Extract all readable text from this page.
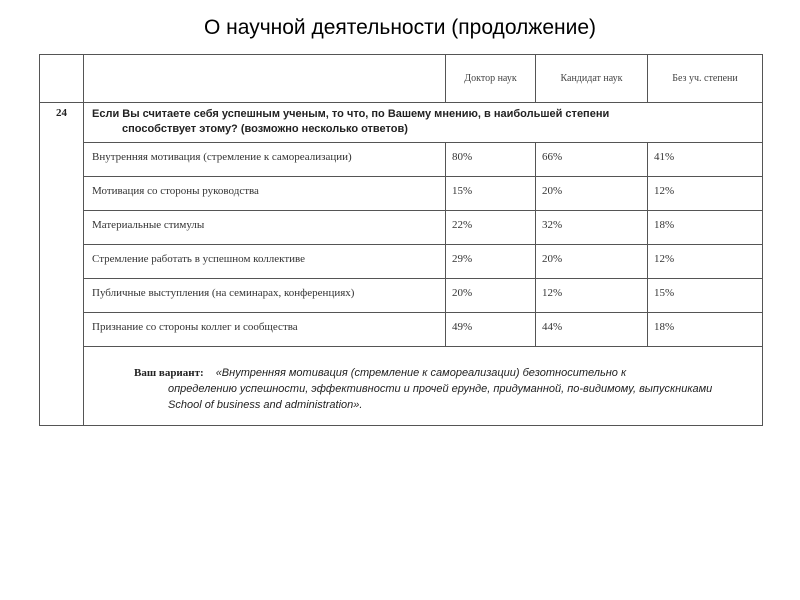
О научной деятельности (продолжение)
		Доктор наук	Кандидат наук	Без уч. степени
24	Если Вы считаете себя успешным ученым, то что, по Вашему мнению, в наибольшей степени
способствует этому? (возможно несколько ответов)			

	Внутренняя мотивация (стремление к самореализации)	80%	66%	41%
	Мотивация со стороны руководства	15%	20%	12%
	Материальные стимулы	22%	32%	18%
	Стремление работать в успешном коллективе	29%	20%	12%
	Публичные выступления (на семинарах, конференциях)	20%	12%	15%
	Признание со стороны коллег и сообщества	49%	44%	18%

	Ваш вариант: «Внутренняя мотивация (стремление к самореализации) безотносительно к
определению успешности, эффективности и прочей ерунде, придуманной, по-видимому, выпускниками School of business and administration».			
